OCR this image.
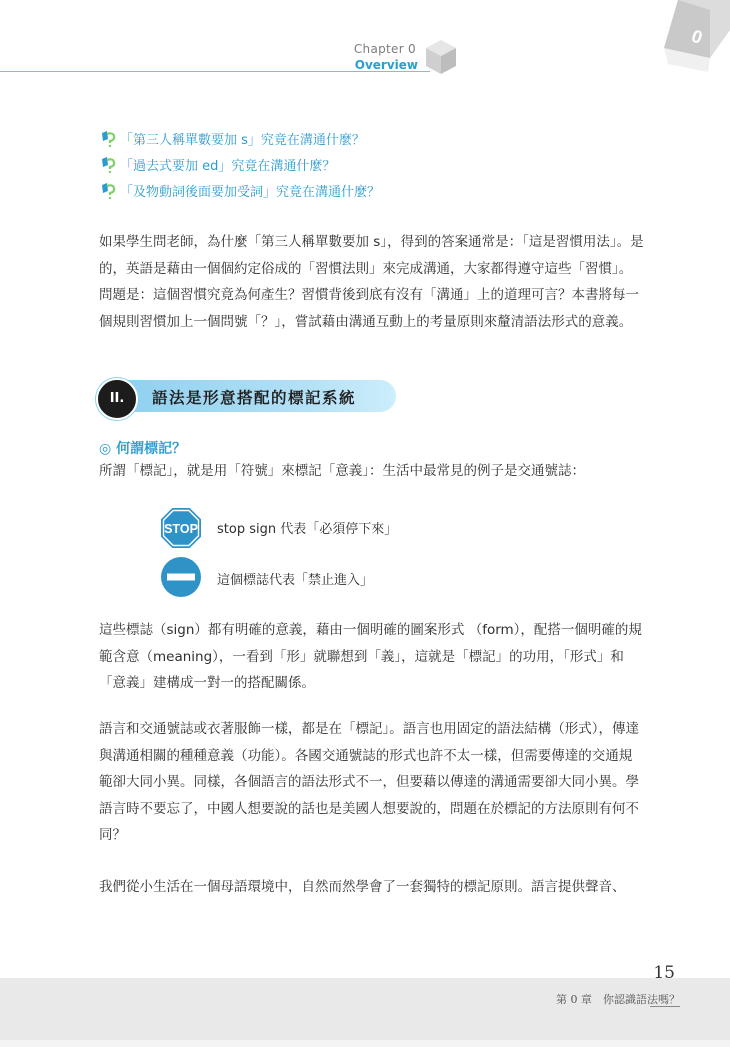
Chapter 0
Overview
0
「第三人稱單數要加 s」究竟在溝通什麼？
「過去式要加 ed」究竟在溝通什麼？
「及物動詞後面要加受詞」究竟在溝通什麼？

如果學生問老師，為什麼「第三人稱單數要加 s」，得到的答案通常是：「這是習慣用法」。是的，英語是藉由一個個約定俗成的「習慣法則」來完成溝通，大家都得遵守這些「習慣」。問題是：這個習慣究竟為何產生？習慣背後到底有沒有「溝通」上的道理可言？本書將每一個規則習慣加上一個問號「？」，嘗試藉由溝通互動上的考量原則來釐清語法形式的意義。

II.	語法是形意搭配的標記系統
◎ 何謂標記？

所謂「標記」，就是用「符號」來標記「意義」：生活中最常見的例子是交通號誌：

STOP stop sign 代表「必須停下來」
這個標誌代表「禁止進入」

這些標誌（sign）都有明確的意義，藉由一個明確的圖案形式 （form），配搭一個明確的規範含意（meaning），一看到「形」就聯想到「義」，這就是「標記」的功用，「形式」和「意義」建構成一對一的搭配關係。

語言和交通號誌或衣著服飾一樣，都是在「標記」。語言也用固定的語法結構（形式），傳達與溝通相關的種種意義（功能）。各國交通號誌的形式也許不太一樣，但需要傳達的交通規範卻大同小異。同樣，各個語言的語法形式不一，但要藉以傳達的溝通需要卻大同小異。學語言時不要忘了，中國人想要說的話也是美國人想要說的，問題在於標記的方法原則有何不同？

我們從小生活在一個母語環境中，自然而然學會了一套獨特的標記原則。語言提供聲音、

15
第 0 章　你認識語法嗎？
